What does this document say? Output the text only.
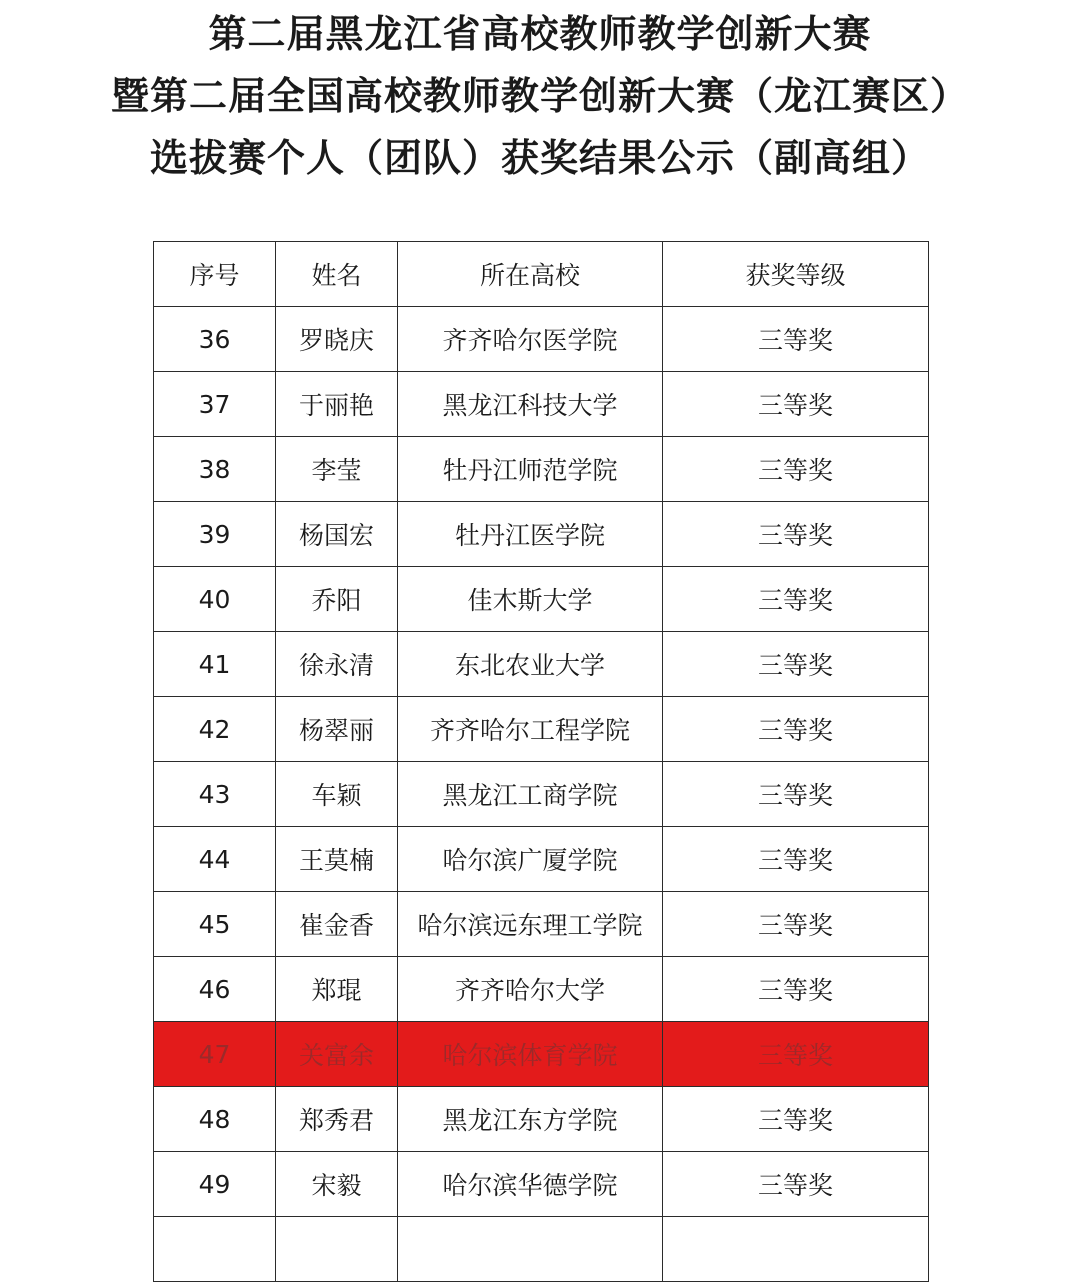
第二届黑龙江省高校教师教学创新大赛
暨第二届全国高校教师教学创新大赛（龙江赛区）
选拔赛个人（团队）获奖结果公示（副高组）
序号	姓名	所在高校	获奖等级
36	罗晓庆	齐齐哈尔医学院	三等奖
37	于丽艳	黑龙江科技大学	三等奖
38	李莹	牡丹江师范学院	三等奖
39	杨国宏	牡丹江医学院	三等奖
40	乔阳	佳木斯大学	三等奖
41	徐永清	东北农业大学	三等奖
42	杨翠丽	齐齐哈尔工程学院	三等奖
43	车颖	黑龙江工商学院	三等奖
44	王莫楠	哈尔滨广厦学院	三等奖
45	崔金香	哈尔滨远东理工学院	三等奖
46	郑琨	齐齐哈尔大学	三等奖
47	关富余	哈尔滨体育学院	三等奖
48	郑秀君	黑龙江东方学院	三等奖
49	宋毅	哈尔滨华德学院	三等奖
